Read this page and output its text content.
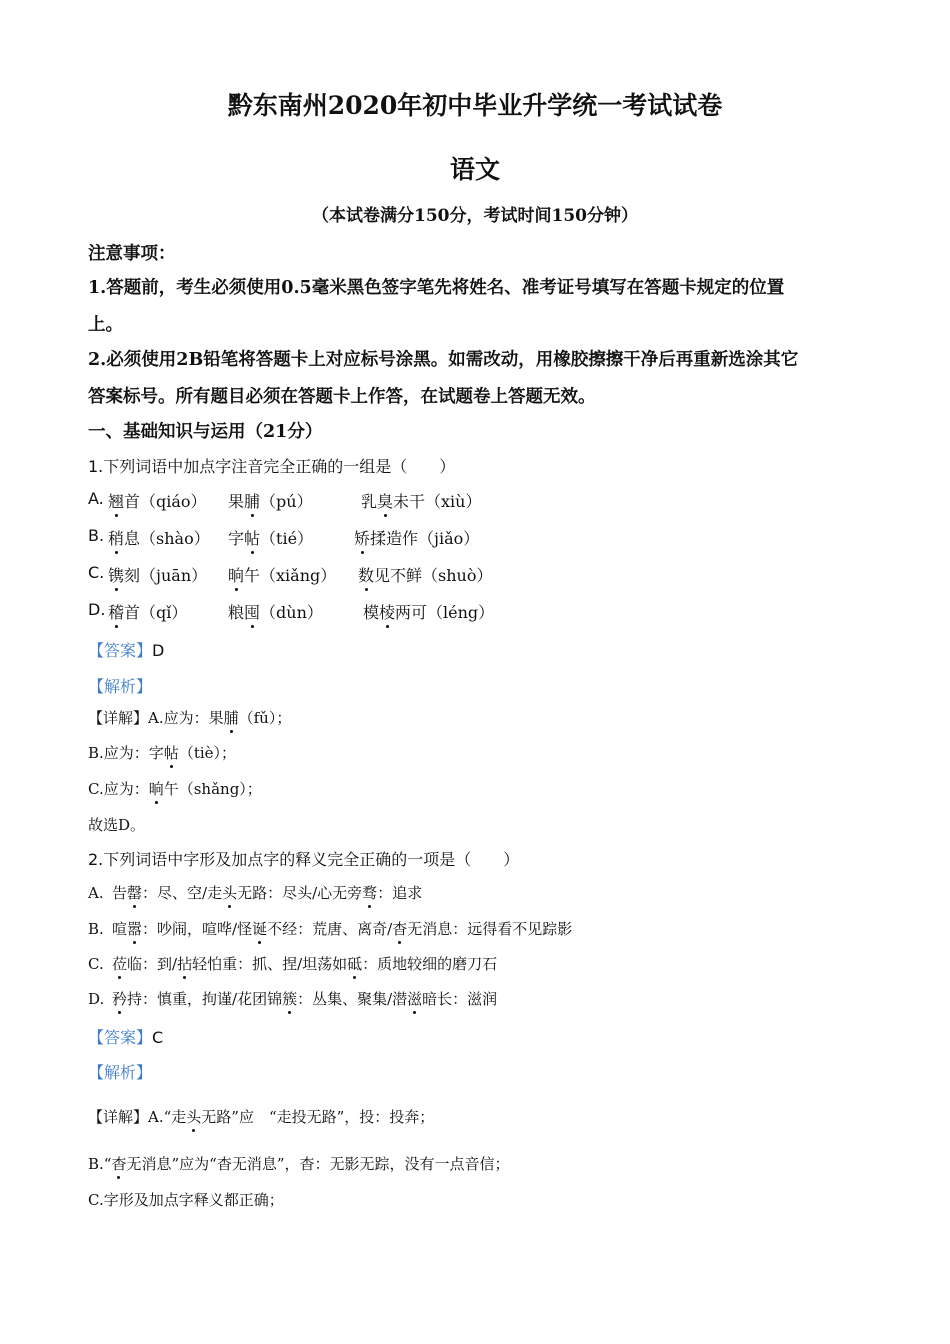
黔东南州2020年初中毕业升学统一考试试卷
语文
（本试卷满分150分，考试时间150分钟）
注意事项：
1.答题前，考生必须使用0.5毫米黑色签字笔先将姓名、准考证号填写在答题卡规定的位置
上。
2.必须使用2B铅笔将答题卡上对应标号涂黑。如需改动，用橡胶擦擦干净后再重新选涂其它
答案标号。所有题目必须在答题卡上作答，在试题卷上答题无效。
一、基础知识与运用（21分）
1.下列词语中加点字注音完全正确的一组是（　　）
A. 翘首（qiáo） 果脯（pú）	乳臭未干（xiù）
B. 稍息（shào） 字帖（tié）	矫揉造作（jiǎo）
C. 镌刻（juān） 晌午（xiǎng） 数见不鲜（shuò）
D. 稽首（qǐ）	粮囤（dùn）	模棱两可（léng）
【答案】D
【解析】
【详解】A.应为：果脯（fǔ）；
B.应为：字帖（tiè）；
C.应为：晌午（shǎng）；
故选D。
2.下列词语中字形及加点字的释义完全正确的一项是（　　）
A. 告罄：尽、空/走头无路：尽头/心无旁骛：追求
B. 喧嚣：吵闹，喧哗/怪诞不经：荒唐、离奇/杳无消息：远得看不见踪影
C. 莅临：到/拈轻怕重：抓、捏/坦荡如砥：质地较细的磨刀石
D. 矜持：慎重，拘谨/花团锦簇：丛集、聚集/潜滋暗长：滋润
【答案】C
【解析】
【详解】A.“走头无路”应　“走投无路”，投：投奔；
B.“杳无消息”应为“杳无消息”，杳：无影无踪，没有一点音信；
C.字形及加点字释义都正确；
